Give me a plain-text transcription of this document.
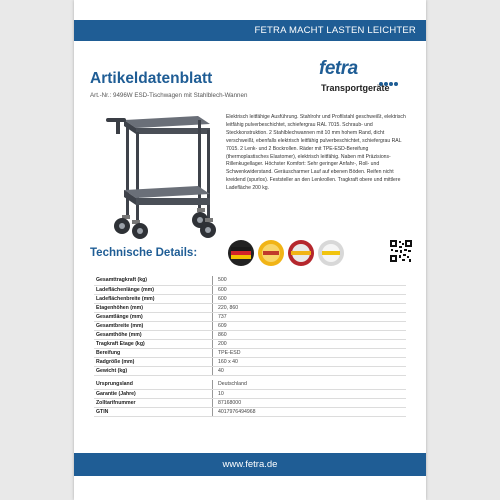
FETRA MACHT LASTEN LEICHTER
Artikeldatenblatt
Art.-Nr.: 9496W ESD-Tischwagen mit Stahlblech-Wannen
fetra
Transportgeräte
Elektrisch leitfähige Ausführung. Stahlrohr und Profilstahl geschweißt, elektrisch leitfähig pulverbeschichtet, schiefergrau RAL 7015. Schraub- und Steckkonstruktion. 2 Stahlblechwannen mit 10 mm hohem Rand, dicht verschweißt, ebenfalls elektrisch leitfähig pulverbeschichtet, schiefergrau RAL 7015. 2 Lenk- und 2 Bockrollen. Räder mit TPE-ESD-Bereifung (thermoplastisches Elastomer), elektrisch leitfähig. Naben mit Präzisions-Rillenkugellager. Höchster Komfort: Sehr geringer Anfahr-, Roll- und Schwenkwiderstand. Geräuscharmer Lauf auf ebenen Böden. Reifen nicht kreidend (spurlos). Feststeller an den Lenkrollen. Tragkraft obere und mittlere Ladefläche 200 kg.
Technische Details:
Gesamttragkraft (kg)		500
Ladeflächenlänge (mm)		600
Ladeflächenbreite (mm)		600
Etagenhöhen (mm)		220, 860
Gesamtlänge (mm)		737
Gesamtbreite (mm)		609
Gesamthöhe (mm)		860
Tragkraft Etage (kg)		200
Bereifung		TPE-ESD
Radgröße (mm)		160 x 40
Gewicht (kg)		40

Ursprungsland		Deutschland
Garantie (Jahre)		10
Zolltarifnummer		87168000
GTIN		4017976494968
www.fetra.de
